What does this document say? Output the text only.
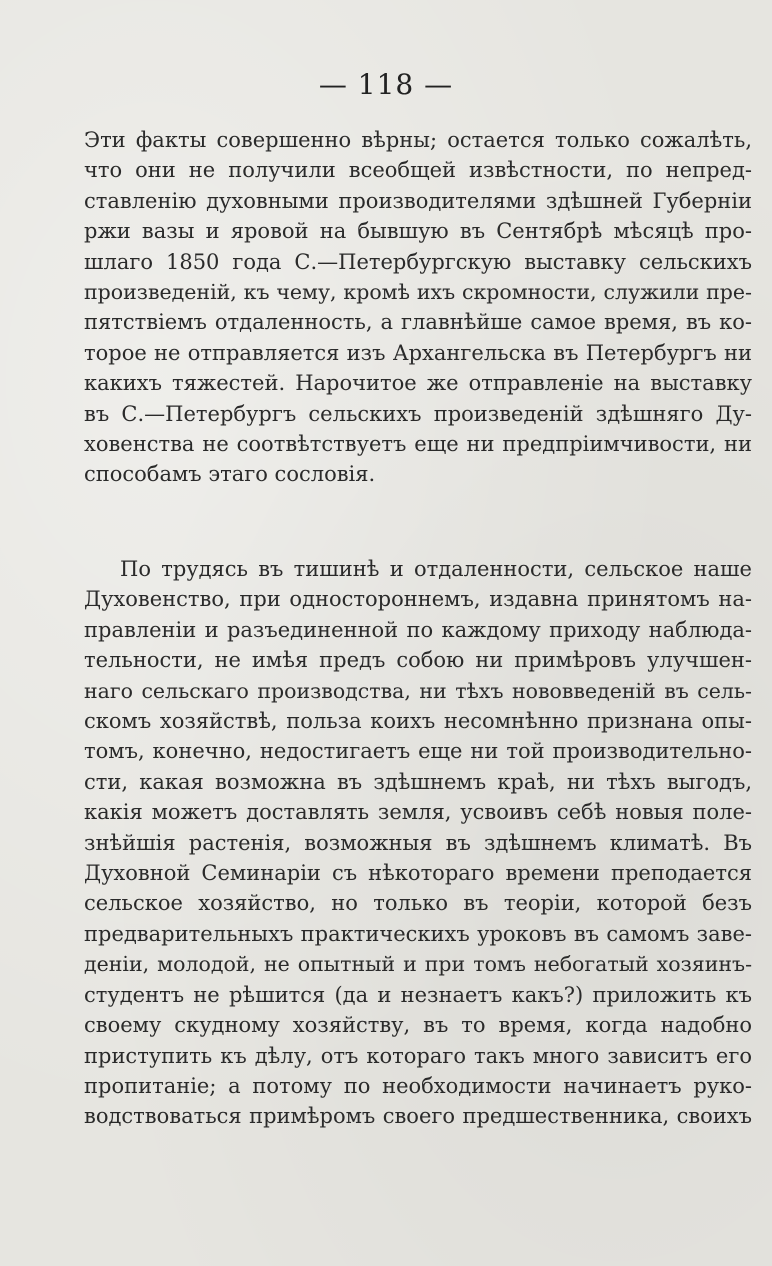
— 118 —
Эти факты совершенно вѣрны; остается только сожалѣть,
что они не получили всеобщей извѣстности, по непред-
ставленію духовными производителями здѣшней Губерніи
ржи вазы и яровой на бывшую въ Сентябрѣ мѣсяцѣ про-
шлаго 1850 года С.—Петербургскую выставку сельскихъ
произведеній, къ чему, кромѣ ихъ скромности, служили пре-
пятствіемъ отдаленность, а главнѣйше самое время, въ ко-
торое не отправляется изъ Архангельска въ Петербургъ ни
какихъ тяжестей. Нарочитое же отправленіе на выставку
въ С.—Петербургъ сельскихъ произведеній здѣшняго Ду-
ховенства не соотвѣтствуетъ еще ни предпріимчивости, ни
способамъ этаго сословія.
По трудясь въ тишинѣ и отдаленности, сельское наше
Духовенство, при одностороннемъ, издавна принятомъ на-
правленіи и разъединенной по каждому приходу наблюда-
тельности, не имѣя предъ собою ни примѣровъ улучшен-
наго сельскаго производства, ни тѣхъ нововведеній въ сель-
скомъ хозяйствѣ, польза коихъ несомнѣнно признана опы-
томъ, конечно, недостигаетъ еще ни той производительно-
сти, какая возможна въ здѣшнемъ краѣ, ни тѣхъ выгодъ,
какія можетъ доставлять земля, усвоивъ себѣ новыя поле-
знѣйшія растенія, возможныя въ здѣшнемъ климатѣ. Въ
Духовной Семинаріи съ нѣкотораго времени преподается
сельское хозяйство, но только въ теоріи, которой безъ
предварительныхъ практическихъ уроковъ въ самомъ заве-
деніи, молодой, не опытный и при томъ небогатый хозяинъ-
студентъ не рѣшится (да и незнаетъ какъ?) приложить къ
своему скудному хозяйству, въ то время, когда надобно
приступить къ дѣлу, отъ котораго такъ много зависитъ его
пропитаніе; а потому по необходимости начинаетъ руко-
водствоваться примѣромъ своего предшественника, своихъ
